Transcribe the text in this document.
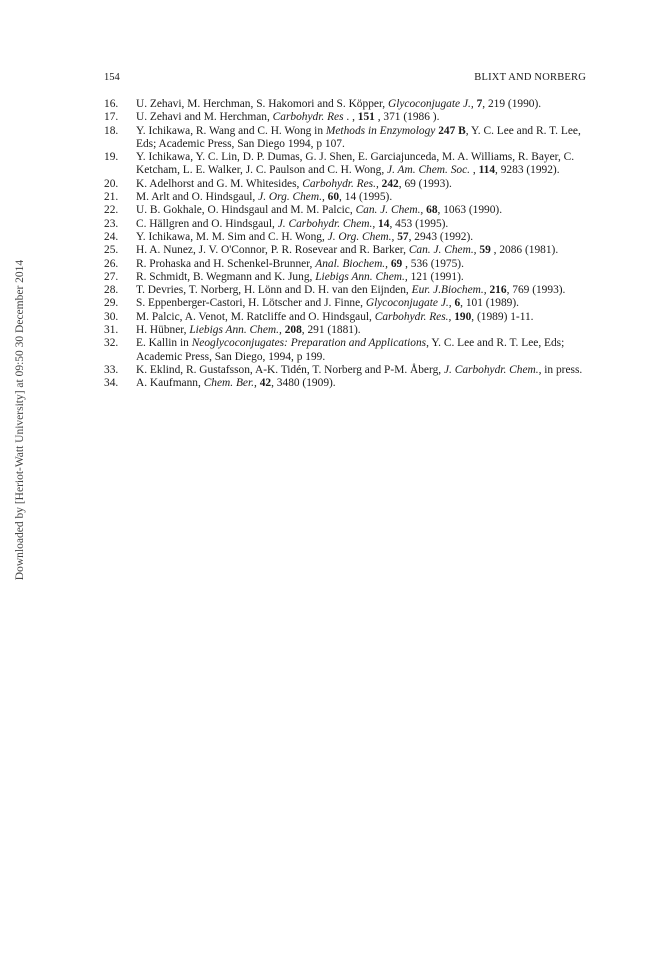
Downloaded by [Heriot-Watt University] at 09:50 30 December 2014
154	BLIXT AND NORBERG
16.	U. Zehavi, M. Herchman, S. Hakomori and S. Köpper, Glycoconjugate J., 7, 219 (1990).
17.	U. Zehavi and M. Herchman, Carbohydr. Res . , 151 , 371 (1986 ).
18.	Y. Ichikawa, R. Wang and C. H. Wong in Methods in Enzymology 247 B, Y. C. Lee and R. T. Lee, Eds; Academic Press, San Diego 1994, p 107.
19.	Y. Ichikawa, Y. C. Lin, D. P. Dumas, G. J. Shen, E. Garciajunceda, M. A. Williams, R. Bayer, C. Ketcham, L. E. Walker, J. C. Paulson and C. H. Wong, J. Am. Chem. Soc. , 114, 9283 (1992).
20.	K. Adelhorst and G. M. Whitesides, Carbohydr. Res., 242, 69 (1993).
21.	M. Arlt and O. Hindsgaul, J. Org. Chem., 60, 14 (1995).
22.	U. B. Gokhale, O. Hindsgaul and M. M. Palcic, Can. J. Chem., 68, 1063 (1990).
23.	C. Hällgren and O. Hindsgaul, J. Carbohydr. Chem., 14, 453 (1995).
24.	Y. Ichikawa, M. M. Sim and C. H. Wong, J. Org. Chem., 57, 2943 (1992).
25.	H. A. Nunez, J. V. O'Connor, P. R. Rosevear and R. Barker, Can. J. Chem., 59 , 2086 (1981).
26.	R. Prohaska and H. Schenkel-Brunner, Anal. Biochem., 69 , 536 (1975).
27.	R. Schmidt, B. Wegmann and K. Jung, Liebigs Ann. Chem., 121 (1991).
28.	T. Devries, T. Norberg, H. Lönn and D. H. van den Eijnden, Eur. J.Biochem., 216, 769 (1993).
29.	S. Eppenberger-Castori, H. Lötscher and J. Finne, Glycoconjugate J., 6, 101 (1989).
30.	M. Palcic, A. Venot, M. Ratcliffe and O. Hindsgaul, Carbohydr. Res., 190, (1989) 1-11.
31.	H. Hübner, Liebigs Ann. Chem., 208, 291 (1881).
32.	E. Kallin in Neoglycoconjugates: Preparation and Applications, Y. C. Lee and R. T. Lee, Eds; Academic Press, San Diego, 1994, p 199.
33.	K. Eklind, R. Gustafsson, A-K. Tidén, T. Norberg and P-M. Åberg, J. Carbohydr. Chem., in press.
34.	A. Kaufmann, Chem. Ber., 42, 3480 (1909).
